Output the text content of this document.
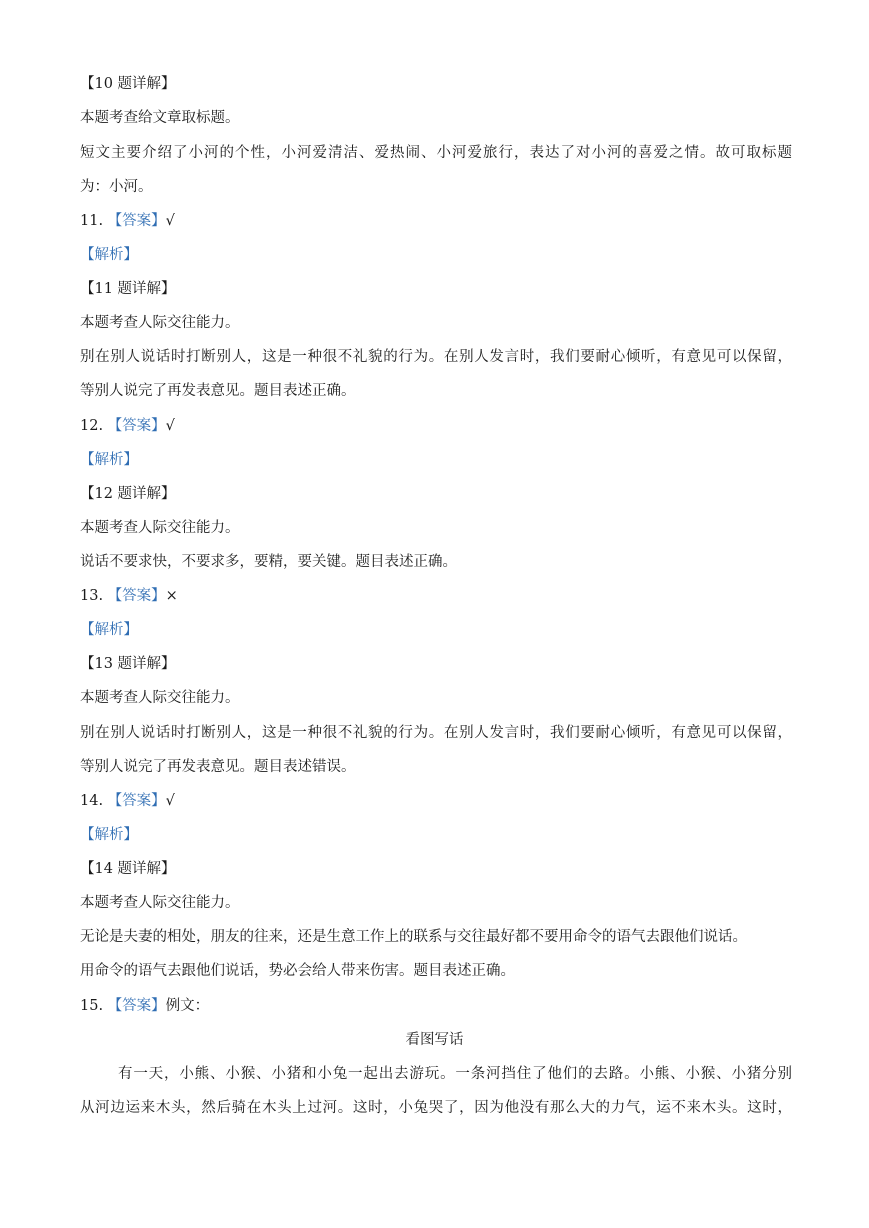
【10 题详解】
本题考查给文章取标题。
短文主要介绍了小河的个性，小河爱清洁、爱热闹、小河爱旅行，表达了对小河的喜爱之情。故可取标题
为：小河。
11. 【答案】√
【解析】
【11 题详解】
本题考查人际交往能力。
别在别人说话时打断别人，这是一种很不礼貌的行为。在别人发言时，我们要耐心倾听，有意见可以保留，
等别人说完了再发表意见。题目表述正确。
12. 【答案】√
【解析】
【12 题详解】
本题考查人际交往能力。
说话不要求快，不要求多，要精，要关键。题目表述正确。
13. 【答案】×
【解析】
【13 题详解】
本题考查人际交往能力。
别在别人说话时打断别人，这是一种很不礼貌的行为。在别人发言时，我们要耐心倾听，有意见可以保留，
等别人说完了再发表意见。题目表述错误。
14. 【答案】√
【解析】
【14 题详解】
本题考查人际交往能力。
无论是夫妻的相处，朋友的往来，还是生意工作上的联系与交往最好都不要用命令的语气去跟他们说话。
用命令的语气去跟他们说话，势必会给人带来伤害。题目表述正确。
15. 【答案】例文：
看图写话
有一天，小熊、小猴、小猪和小兔一起出去游玩。一条河挡住了他们的去路。小熊、小猴、小猪分别
从河边运来木头，然后骑在木头上过河。这时，小兔哭了，因为他没有那么大的力气，运不来木头。这时，
